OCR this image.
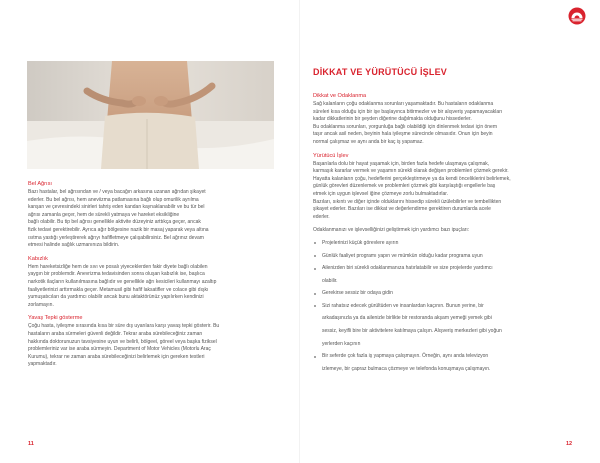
Bel Ağrısı

Bazı hastalar, bel ağrısından ve / veya bacağın arkasına uzanan ağrıdan şikayet

ederler. Bu bel ağrısı, hem aneviizma patlamasına bağlı olup omurilik ayrılma

kanşan ve çevresindeki sinirleri tahriş eden kandan kaynaklanabilir ve bu tür bel

ağrısı zamanla geçer, hem de sürekli yatmaya ve hareket eksikliğine

bağlı olabilir. Bu tip bel ağrısı genellikle aktivite düzeyiniz arttıkça geçer, ancak

fizik tedavi gerektirebilir. Ayrıca ağır bölgesine nazik bir masaj yaparak veya altına

ısıtma yastığı yerleştirerek ağrıyı hafifletmeye çalışabilirsiniz. Bel ağrınız devam

etmesi halinde sağlık uzmanınıza bildirin.

Kabızlık

Hem hareketsizliğe hem de sıvı ve posalı yiyeceklerden fakir diyete bağlı olabilen

yaygın bir problemdir. Anevrizma tedavisinden sonra oluşan kabızlık ise, başlıca

narkotik ilaçların kullanılmasına bağlıdır ve genellikle ağrı kesicileri kullanmayı azaltıp

faaliyetlerinizi arttırmakla geçer. Metamusil gibi hafif laksatifler ve colace gibi dışkı

yumuşatıcıları da yardımcı olabilir ancak bunu aktaktörünüz yapılırken kendinizi

zorlamayın.

Yavaş Tepki gösterme

Çoğu hasta, iyileşme sırasında kısa bir süre dış uyarılara karşı yavaş tepki gösterir. Bu

hastaların araba sürmeleri güvenli değildir. Tekrar araba sürebileceğiniz zaman

hakkında doktorunuzun tavsiyesine uyun ve belirli, bölgeel, göreel veya başka fiziksel

problemleriniz var ise araba sürmeyin. Department of Motor Vehicles (Motorlu Araç

Kurumu), tekrar ne zaman araba sürebileceğinizi belirlemek için gereken testleri

yapmaktadır.

11
DİKKAT VE YÜRÜTÜCÜ İŞLEV
Dikkat ve Odaklanma

Sağ kalanların çoğu odaklanma sorunları yaşamaktadır. Bu hastaların odaklanma

süreleri kısa olduğu için bir işe başlayınca bitirmezler ve bir alışveriş yapamayacakları

kadar dikkatlerinin bir şeyden diğerine dağılmakta olduğunu hissederler.

Bu odaklanma sorunları, yorgunluğa bağlı olabildiği için dinlenmek tedavi için önem

taşır ancak asil neden, beyinin hala iyileşme sürecinde olmasıdır. Onun için beyin

normal çalışmaz ve aynı anda bir kaç iş yapamaz.

Yürütücü İşlev

Başarılarla dolu bir hayat yaşamak için, birden fazla hedefe ulaşmaya çalışmak,

karmaşık kararlar vermek ve yaşamın sürekli olarak değişen problemleri çözmek gerekir.

Hayatta kalanların çoğu, hedeflerini gerçekleştirmeye ya da kendi önceliklerini belirlemek,

günlük görevleri düzenlemek ve problemleri çözmek gibi karşılaştığı engellerle baş

etmek için uygun işlevsel iğine çözmeye zorlu bulmaktadırlar.

Bazıları, sıkıntı ve diğer içinde olduklarını hissedip sürekli üzülebilirler ve tembellikten

şikayet ederler. Bazıları ise dikkat ve değerlendirme gerektiren durumlarda acele

ederler.

Odaklanmanızı ve işlevselliğinizi geliştirmek için yardımcı bazı ipuçları:

Projelerinizi küçük görevlere ayırın

Günlük faaliyet programı yapın ve mümkün olduğu kadar programa uyun

Ailenizden biri sürekli odaklanmanıza hatırlatabilir ve size projelerde yardımcı

olabilir.

Gerekirse sessiz bir odaya gidin

Sizi rahatsız edecek gürültüden ve insanlardan kaçının. Bunun yerine, bir

arkadaşınızla ya da ailenizle birlikte bir restoranda akşam yemeği yemek gibi

sessiz, keyifli bire bir aktivitelere katılmaya çalışın. Alışveriş merkezleri gibi yoğun

yerlerden kaçının

Bir seferde çok fazla iş yapmaya çalışmayın. Örneğin, aynı anda televizyon

izlemeye, bir çapraz bulmaca çözmeye ve telefonda konuşmaya çalışmayın.

12
